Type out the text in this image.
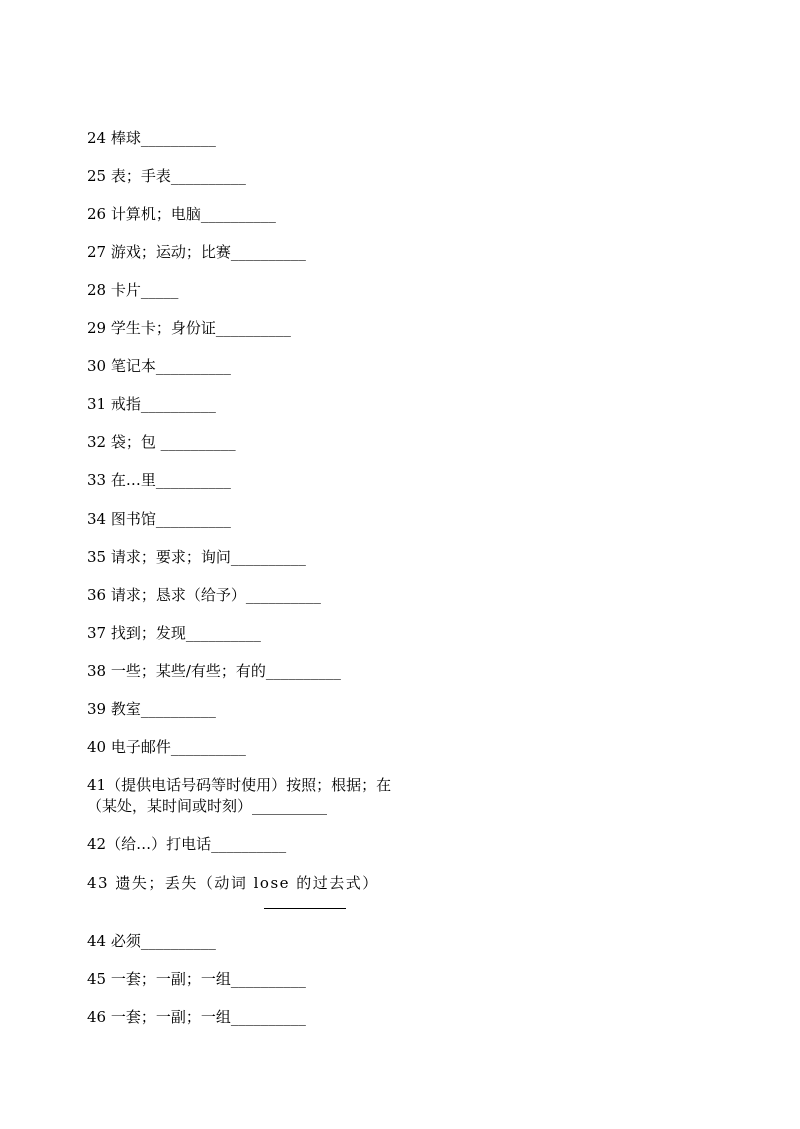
24 棒球__________
25 表；手表__________
26 计算机；电脑__________
27 游戏；运动；比赛__________
28 卡片_____
29 学生卡；身份证__________
30 笔记本__________
31 戒指__________
32 袋；包 __________
33 在…里__________
34 图书馆__________
35 请求；要求；询问__________
36 请求；恳求（给予）__________
37 找到；发现__________
38 一些；某些/有些；有的__________
39 教室__________
40 电子邮件__________
41（提供电话号码等时使用）按照；根据；在
（某处，某时间或时刻）__________
42（给…）打电话__________
43 遗失；丢失（动词 lose 的过去式）
44 必须__________
45 一套；一副；一组__________
46 一套；一副；一组__________
